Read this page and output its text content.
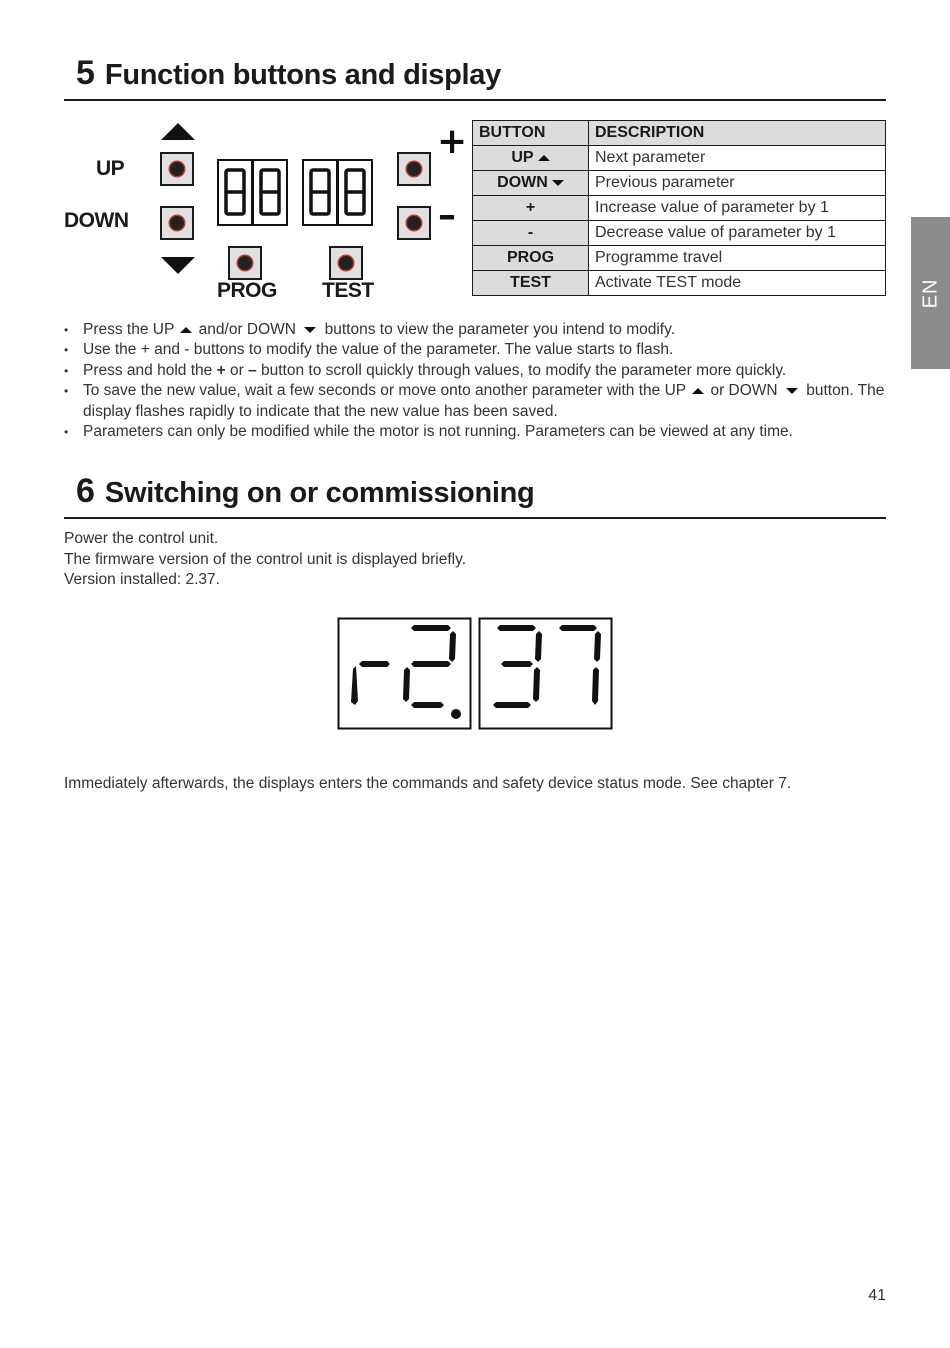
5 Function buttons and display
EN
UP
DOWN
PROG TEST
+
–
BUTTON	DESCRIPTION
UP	Next parameter
DOWN	Previous parameter
+	Increase value of parameter by 1
-	Decrease value of parameter by 1
PROG	Programme travel
TEST	Activate TEST mode
• Press the UP and/or DOWN buttons to view the parameter you intend to modify.
• Use the + and - buttons to modify the value of the parameter. The value starts to flash.
• Press and hold the + or – button to scroll quickly through values, to modify the parameter more quickly.
• To save the new value, wait a few seconds or move onto another parameter with the UP or DOWN button. The display flashes rapidly to indicate that the new value has been saved.
• Parameters can only be modified while the motor is not running. Parameters can be viewed at any time.
6 Switching on or commissioning
Power the control unit.
The firmware version of the control unit is displayed briefly.
Version installed: 2.37.
Immediately afterwards, the displays enters the commands and safety device status mode. See chapter 7.
41
